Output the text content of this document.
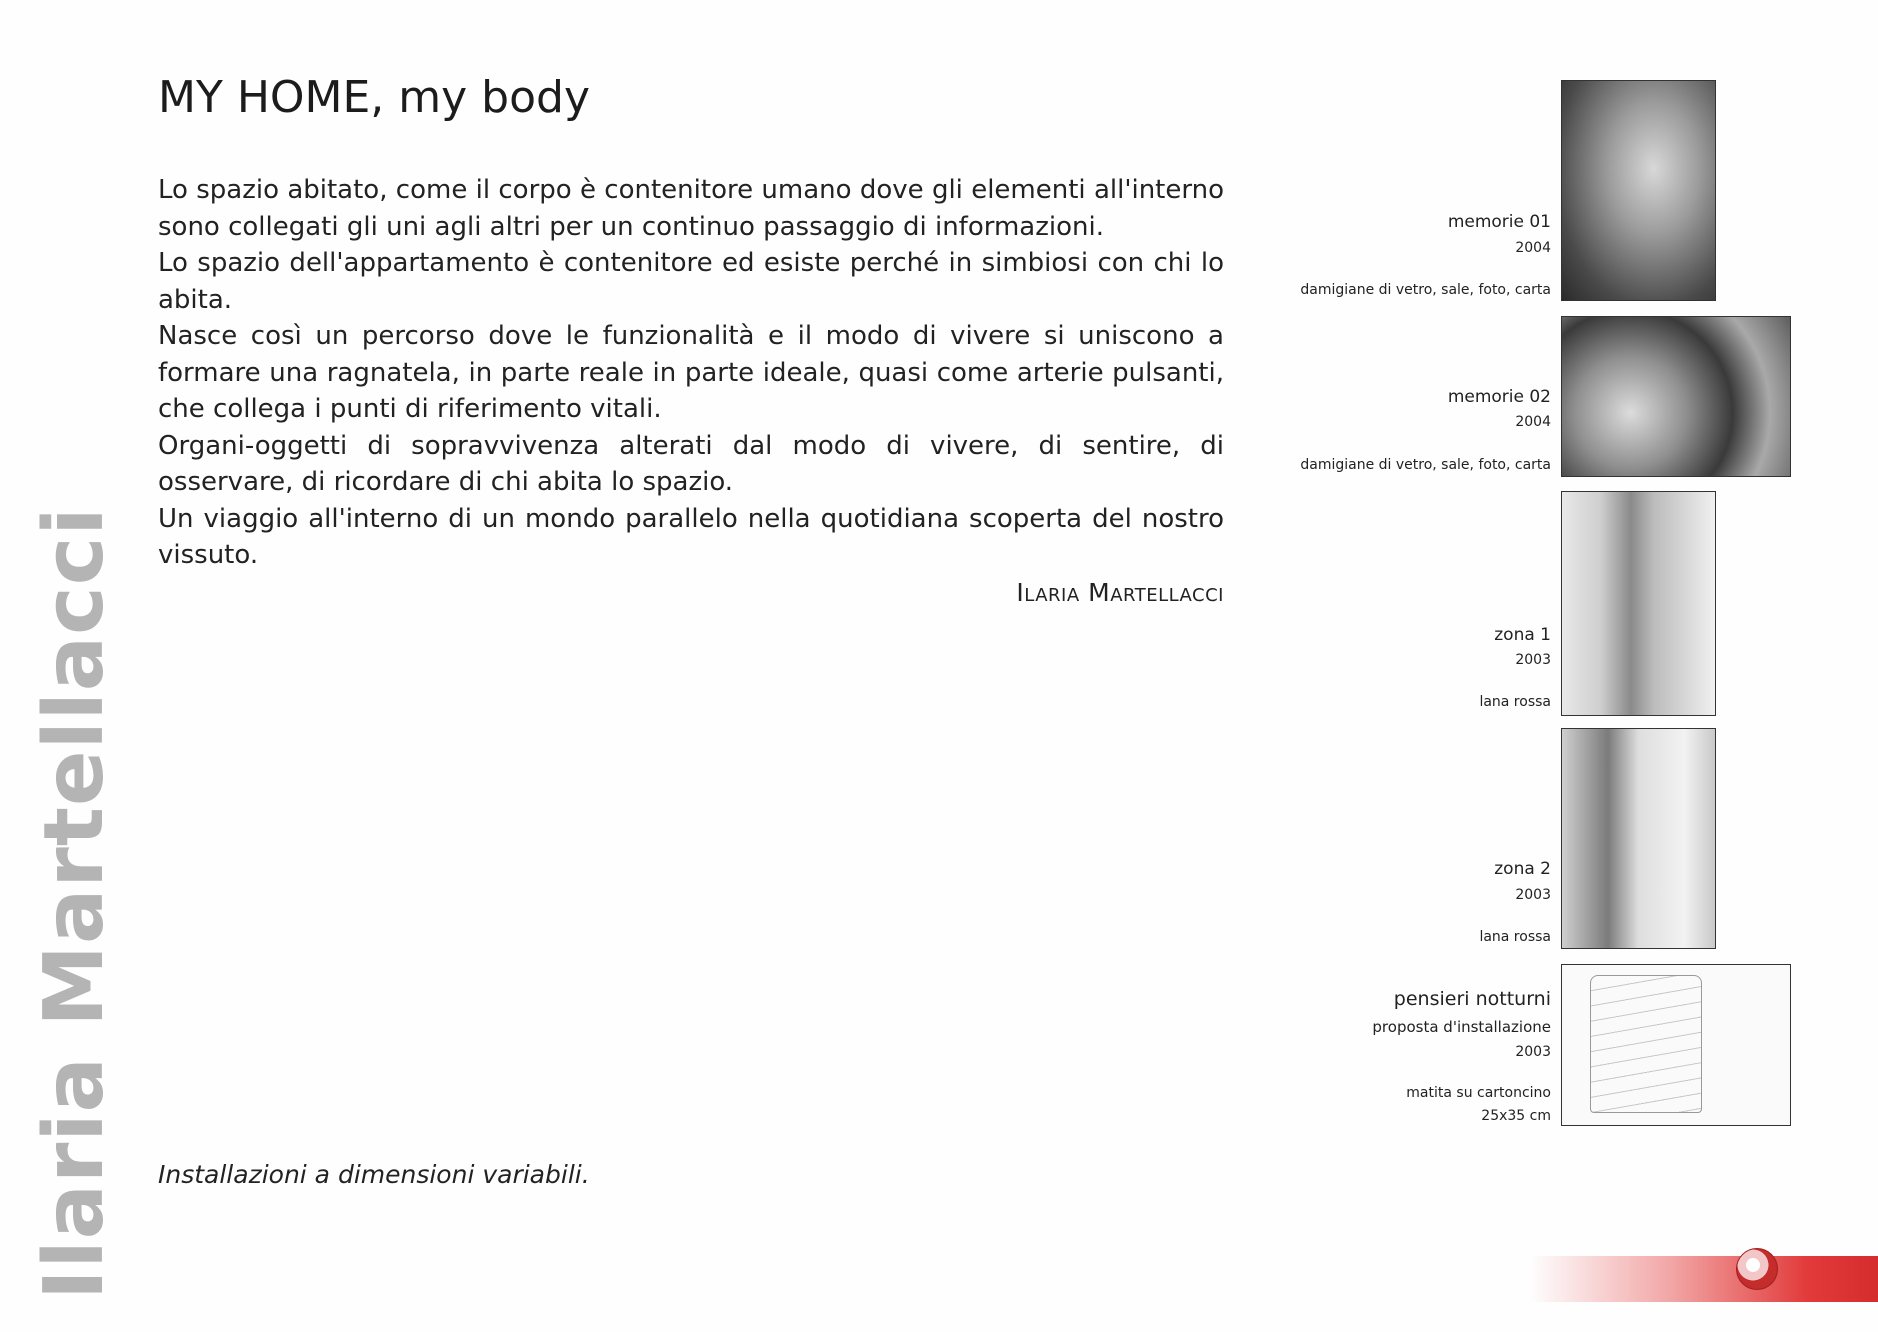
Ilaria Martellacci
MY HOME, my body

Lo spazio abitato, come il corpo è contenitore umano dove gli elementi all'interno sono collegati gli uni agli altri per un continuo passaggio di informazioni.

Lo spazio dell'appartamento è contenitore ed esiste perché in simbiosi con chi lo abita.

Nasce così un percorso dove le funzionalità e il modo di vivere si uniscono a formare una ragnatela, in parte reale in parte ideale, quasi come arterie pulsanti, che collega i punti di riferimento vitali.

Organi-oggetti di sopravvivenza alterati dal modo di vivere, di sentire, di osservare, di ricordare di chi abita lo spazio.

Un viaggio all'interno di un mondo parallelo nella quotidiana scoperta del nostro vissuto.

Ilaria Martellacci
Installazioni a dimensioni variabili.
memorie 01
2004
damigiane di vetro, sale, foto, carta
memorie 02
2004
damigiane di vetro, sale, foto, carta
zona 1
2003
lana rossa
zona 2
2003
lana rossa
pensieri notturni
proposta d'installazione
2003
matita su cartoncino
25x35 cm
